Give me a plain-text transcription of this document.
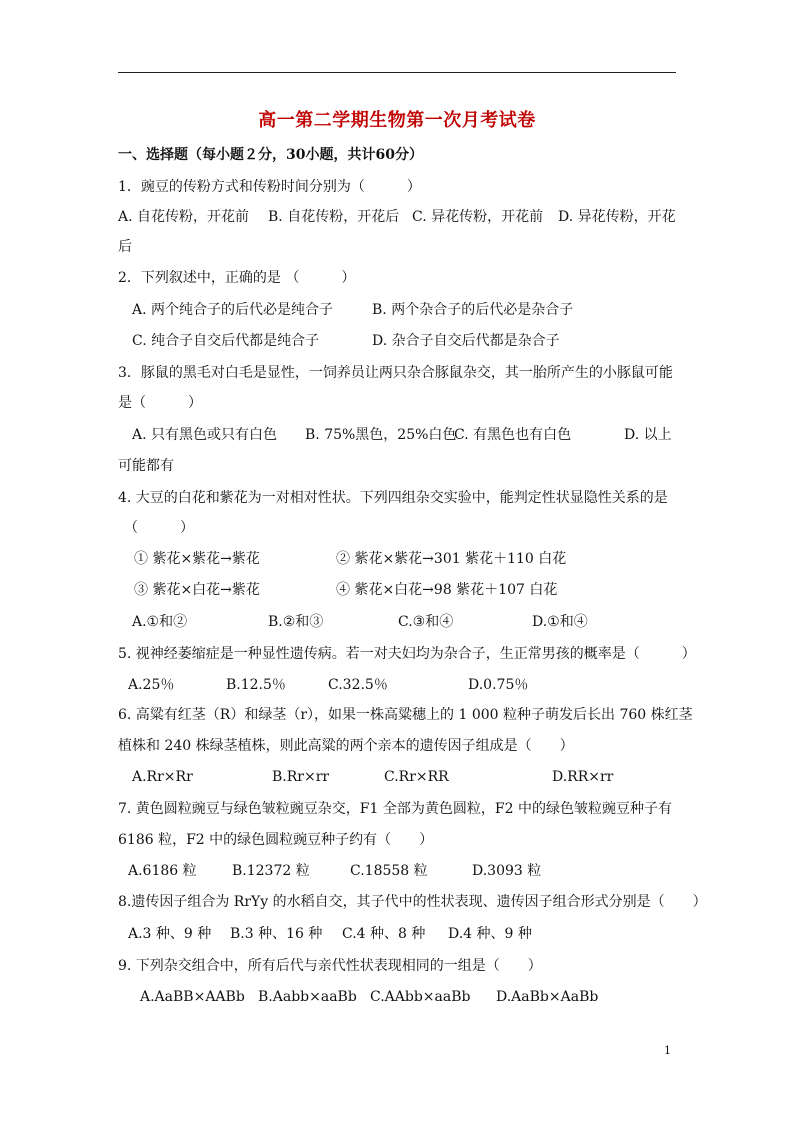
高一第二学期生物第一次月考试卷
一、选择题（每小题２分，30小题，共计60分）
1．豌豆的传粉方式和传粉时间分别为（　　　）
A. 自花传粉，开花前 B. 自花传粉，开花后 C. 异花传粉，开花前 D. 异花传粉，开花
后
2．下列叙述中，正确的是 （　　　）
A. 两个纯合子的后代必是纯合子	B. 两个杂合子的后代必是杂合子
C. 纯合子自交后代都是纯合子	D. 杂合子自交后代都是杂合子
3．豚鼠的黑毛对白毛是显性，一饲养员让两只杂合豚鼠杂交，其一胎所产生的小豚鼠可能
是（　　　）
A. 只有黑色或只有白色 B. 75%黑色，25%白色
C. 有黑色也有白色	D. 以上
可能都有
4. 大豆的白花和紫花为一对相对性状。下列四组杂交实验中，能判定性状显隐性关系的是
（　　　）
① 紫花×紫花→紫花	② 紫花×紫花→301 紫花＋110 白花
③ 紫花×白花→紫花	④ 紫花×白花→98 紫花＋107 白花
A.①和②	B.②和③	C.③和④	D.①和④
5. 视神经萎缩症是一种显性遗传病。若一对夫妇均为杂合子，生正常男孩的概率是（　　　）
A.25％	B.12.5％	C.32.5％	D.0.75％
6. 高粱有红茎（R）和绿茎（r），如果一株高粱穗上的 1 000 粒种子萌发后长出 760 株红茎
植株和 240 株绿茎植株，则此高粱的两个亲本的遗传因子组成是（　　）
A.Rr×Rr	B.Rr×rr	C.Rr×RR	D.RR×rr
7. 黄色圆粒豌豆与绿色皱粒豌豆杂交，F1 全部为黄色圆粒，F2 中的绿色皱粒豌豆种子有
6186 粒，F2 中的绿色圆粒豌豆种子约有（　　）
A.6186 粒	B.12372 粒	C.18558 粒	D.3093 粒
8.遗传因子组合为 RrYy 的水稻自交，其子代中的性状表现、遗传因子组合形式分别是（　　）
A.3 种、9 种 B.3 种、16 种 C.4 种、8 种 D.4 种、9 种
9. 下列杂交组合中，所有后代与亲代性状表现相同的一组是（　　）
A.AaBB×AABb B.Aabb×aaBb C.AAbb×aaBb D.AaBb×AaBb
1
